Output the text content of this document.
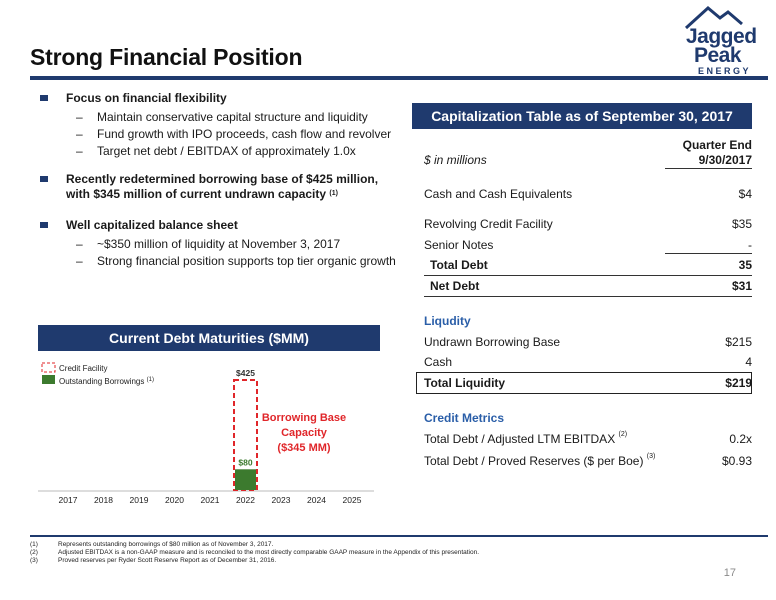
Strong Financial Position
Jagged
Peak
ENERGY
Focus on financial flexibility
– Maintain conservative capital structure and liquidity
– Fund growth with IPO proceeds, cash flow and revolver
– Target net debt / EBITDAX of approximately 1.0x
Recently redetermined borrowing base of $425 million,
with $345 million of current undrawn capacity $^{(1)}$
Well capitalized balance sheet
– ~$350 million of liquidity at November 3, 2017
– Strong financial position supports top tier organic growth
Capitalization Table as of September 30, 2017
Quarter End
$ in millions	9/30/2017
Cash and Cash Equivalents	$4
Revolving Credit Facility	$35
Senior Notes	-
Total Debt	35
Net Debt	$31
Liqudity
Undrawn Borrowing Base	$215
Cash	4
Total Liquidity	$219
Credit Metrics
Total Debt / Adjusted LTM EBITDAX $^{(2)}$	0.2x
Total Debt / Proved Reserves ($ per Boe) $^{(3)}$	$0.93
Current Debt Maturities ($MM)
Credit Facility
Outstanding Borrowings $^{(1)}$
$425
$80
2017 2018 2019 2020 2021 2022 2023 2024 2025
Borrowing Base
Capacity
($345 MM)
(1)	Represents outstanding borrowings of $80 million as of November 3, 2017.
(2)	Adjusted EBITDAX is a non-GAAP measure and is reconciled to the most directly comparable GAAP measure in the Appendix of this presentation.
(3)	Proved reserves per Ryder Scott Reserve Report as of December 31, 2016.
17
